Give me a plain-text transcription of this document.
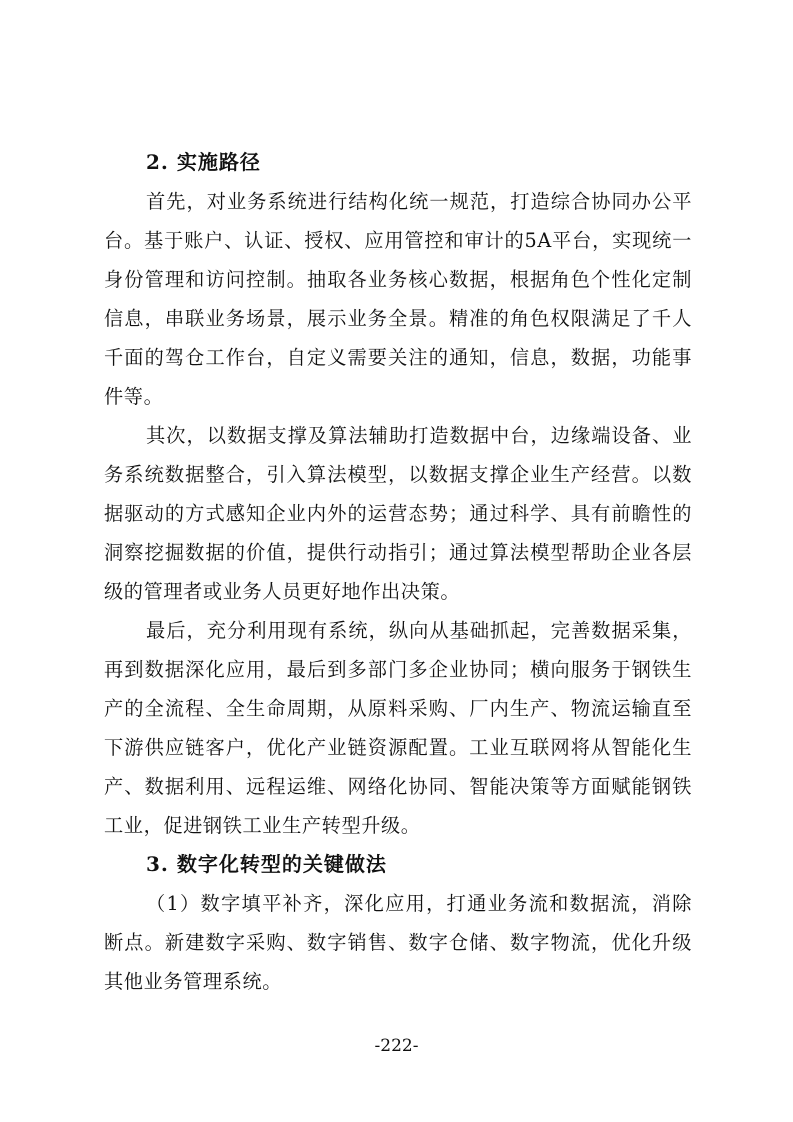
2. 实施路径

首先，对业务系统进行结构化统一规范，打造综合协同办公平台。基于账户、认证、授权、应用管控和审计的5A平台，实现统一身份管理和访问控制。抽取各业务核心数据，根据角色个性化定制信息，串联业务场景，展示业务全景。精准的角色权限满足了千人千面的驾仓工作台，自定义需要关注的通知，信息，数据，功能事件等。

其次，以数据支撑及算法辅助打造数据中台，边缘端设备、业务系统数据整合，引入算法模型，以数据支撑企业生产经营。以数据驱动的方式感知企业内外的运营态势；通过科学、具有前瞻性的洞察挖掘数据的价值，提供行动指引；通过算法模型帮助企业各层级的管理者或业务人员更好地作出决策。

最后，充分利用现有系统，纵向从基础抓起，完善数据采集，再到数据深化应用，最后到多部门多企业协同；横向服务于钢铁生产的全流程、全生命周期，从原料采购、厂内生产、物流运输直至下游供应链客户，优化产业链资源配置。工业互联网将从智能化生产、数据利用、远程运维、网络化协同、智能决策等方面赋能钢铁工业，促进钢铁工业生产转型升级。

3. 数字化转型的关键做法

（1）数字填平补齐，深化应用，打通业务流和数据流，消除断点。新建数字采购、数字销售、数字仓储、数字物流，优化升级其他业务管理系统。

-222-
